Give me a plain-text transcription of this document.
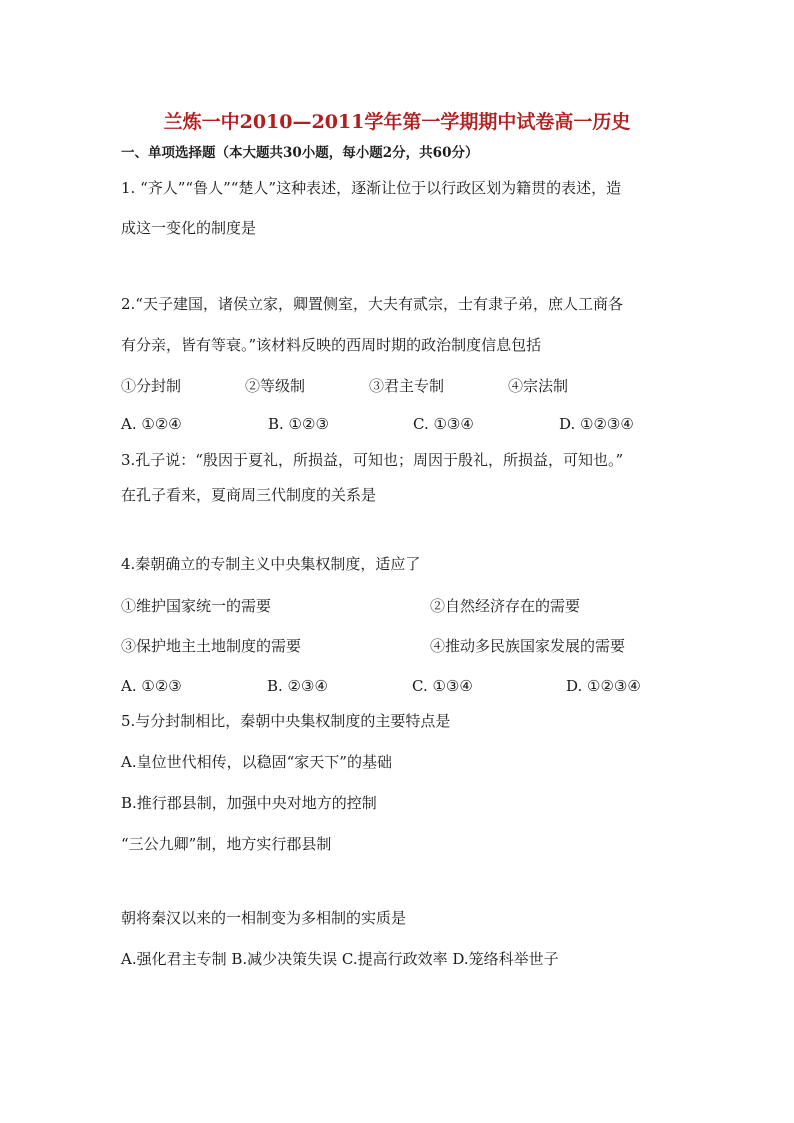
兰炼一中2010—2011学年第一学期期中试卷高一历史
一、单项选择题（本大题共30小题，每小题2分，共60分）
1. “齐人”“鲁人”“楚人”这种表述，逐渐让位于以行政区划为籍贯的表述，造
成这一变化的制度是
2.“天子建国，诸侯立家，卿置侧室，大夫有贰宗，士有隶子弟，庶人工商各
有分亲，皆有等衰。”该材料反映的西周时期的政治制度信息包括
①分封制	②等级制	③君主专制	④宗法制
A. ①②④	B. ①②③	C. ①③④	D. ①②③④
3.孔子说：“殷因于夏礼，所损益，可知也；周因于殷礼，所损益，可知也。”
在孔子看来，夏商周三代制度的关系是
4.秦朝确立的专制主义中央集权制度，适应了
①维护国家统一的需要	②自然经济存在的需要
③保护地主土地制度的需要	④推动多民族国家发展的需要
A. ①②③	B. ②③④	C. ①③④	D. ①②③④
5.与分封制相比，秦朝中央集权制度的主要特点是
A.皇位世代相传，以稳固“家天下”的基础
B.推行郡县制，加强中央对地方的控制
“三公九卿”制，地方实行郡县制
朝将秦汉以来的一相制变为多相制的实质是
A.强化君主专制 B.减少决策失误 C.提高行政效率 D.笼络科举世子
